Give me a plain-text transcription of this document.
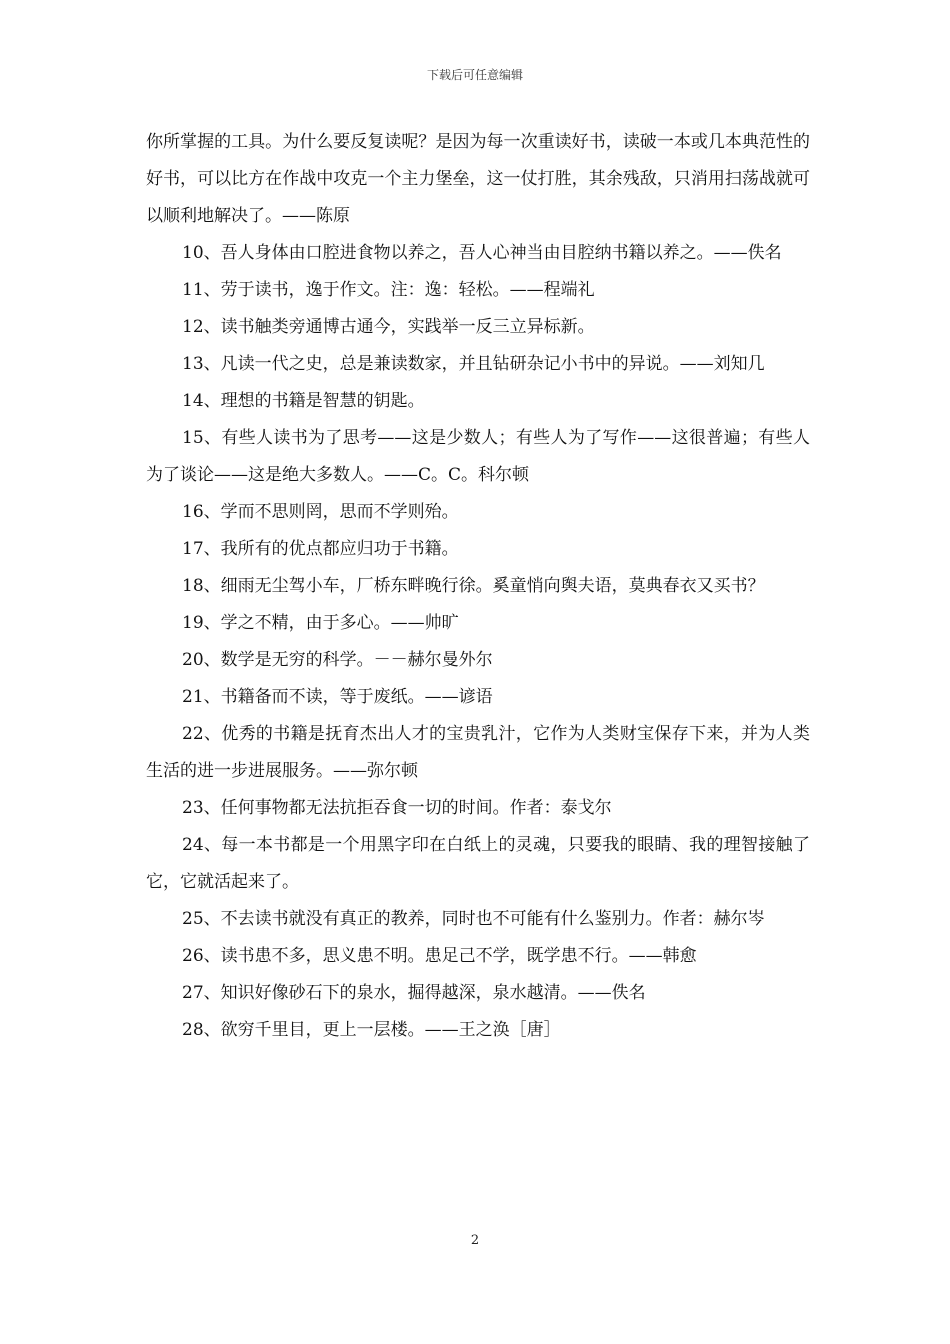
下载后可任意编辑

你所掌握的工具。为什么要反复读呢？是因为每一次重读好书，读破一本或几本典范性的好书，可以比方在作战中攻克一个主力堡垒，这一仗打胜，其余残敌，只消用扫荡战就可以顺利地解决了。——陈原

10、吾人身体由口腔进食物以养之，吾人心神当由目腔纳书籍以养之。——佚名

11、劳于读书，逸于作文。注：逸：轻松。——程端礼

12、读书触类旁通博古通今，实践举一反三立异标新。

13、凡读一代之史，总是兼读数家，并且钻研杂记小书中的异说。——刘知几

14、理想的书籍是智慧的钥匙。

15、有些人读书为了思考——这是少数人；有些人为了写作——这很普遍；有些人为了谈论——这是绝大多数人。——C。C。科尔顿

16、学而不思则罔，思而不学则殆。

17、我所有的优点都应归功于书籍。

18、细雨无尘驾小车，厂桥东畔晚行徐。奚童悄向舆夫语，莫典春衣又买书？

19、学之不精，由于多心。——帅旷

20、数学是无穷的科学。－－赫尔曼外尔

21、书籍备而不读，等于废纸。——谚语

22、优秀的书籍是抚育杰出人才的宝贵乳汁，它作为人类财宝保存下来，并为人类生活的进一步进展服务。——弥尔顿

23、任何事物都无法抗拒吞食一切的时间。作者：泰戈尔

24、每一本书都是一个用黑字印在白纸上的灵魂，只要我的眼睛、我的理智接触了它，它就活起来了。

25、不去读书就没有真正的教养，同时也不可能有什么鉴别力。作者：赫尔岑

26、读书患不多，思义患不明。患足己不学，既学患不行。——韩愈

27、知识好像砂石下的泉水，掘得越深，泉水越清。——佚名

28、欲穷千里目，更上一层楼。——王之涣［唐］

2
